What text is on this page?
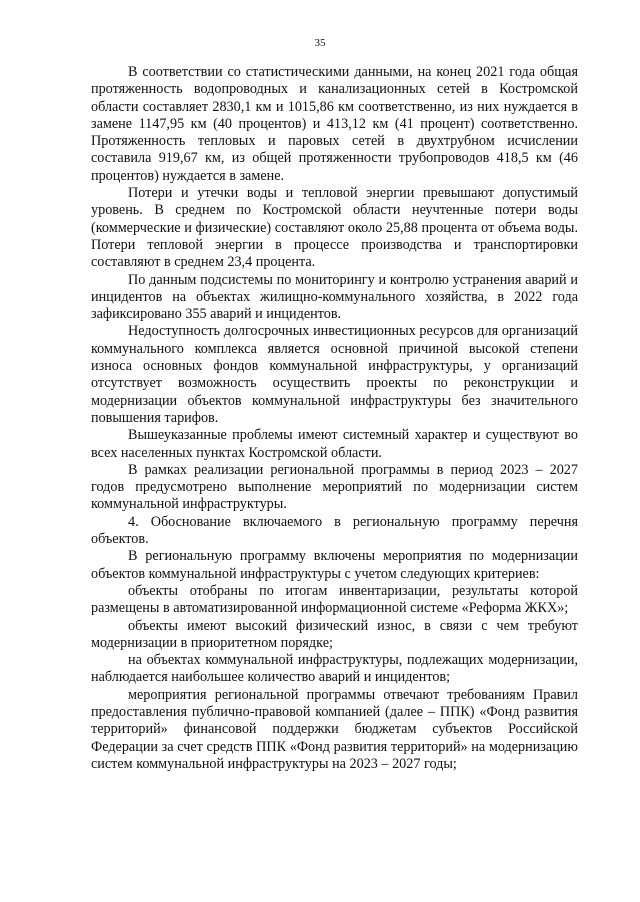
35

В соответствии со статистическими данными, на конец 2021 года общая протяженность водопроводных и канализационных сетей в Костромской области составляет 2830,1 км и 1015,86 км соответственно, из них нуждается в замене 1147,95 км (40 процентов) и 413,12 км (41 процент) соответственно. Протяженность тепловых и паровых сетей в двухтрубном исчислении составила 919,67 км, из общей протяженности трубопроводов 418,5 км (46 процентов) нуждается в замене.

Потери и утечки воды и тепловой энергии превышают допустимый уровень. В среднем по Костромской области неучтенные потери воды (коммерческие и физические) составляют около 25,88 процента от объема воды. Потери тепловой энергии в процессе производства и транспортировки составляют в среднем 23,4 процента.

По данным подсистемы по мониторингу и контролю устранения аварий и инцидентов на объектах жилищно-коммунального хозяйства, в 2022 года зафиксировано 355 аварий и инцидентов.

Недоступность долгосрочных инвестиционных ресурсов для организаций коммунального комплекса является основной причиной высокой степени износа основных фондов коммунальной инфраструктуры, у организаций отсутствует возможность осуществить проекты по реконструкции и модернизации объектов коммунальной инфраструктуры без значительного повышения тарифов.

Вышеуказанные проблемы имеют системный характер и существуют во всех населенных пунктах Костромской области.

В рамках реализации региональной программы в период 2023 – 2027 годов предусмотрено выполнение мероприятий по модернизации систем коммунальной инфраструктуры.

4. Обоснование включаемого в региональную программу перечня объектов.

В региональную программу включены мероприятия по модернизации объектов коммунальной инфраструктуры с учетом следующих критериев:

объекты отобраны по итогам инвентаризации, результаты которой размещены в автоматизированной информационной системе «Реформа ЖКХ»;

объекты имеют высокий физический износ, в связи с чем требуют модернизации в приоритетном порядке;

на объектах коммунальной инфраструктуры, подлежащих модернизации, наблюдается наибольшее количество аварий и инцидентов;

мероприятия региональной программы отвечают требованиям Правил предоставления публично-правовой компанией (далее – ППК) «Фонд развития территорий» финансовой поддержки бюджетам субъектов Российской Федерации за счет средств ППК «Фонд развития территорий» на модернизацию систем коммунальной инфраструктуры на 2023 – 2027 годы;
